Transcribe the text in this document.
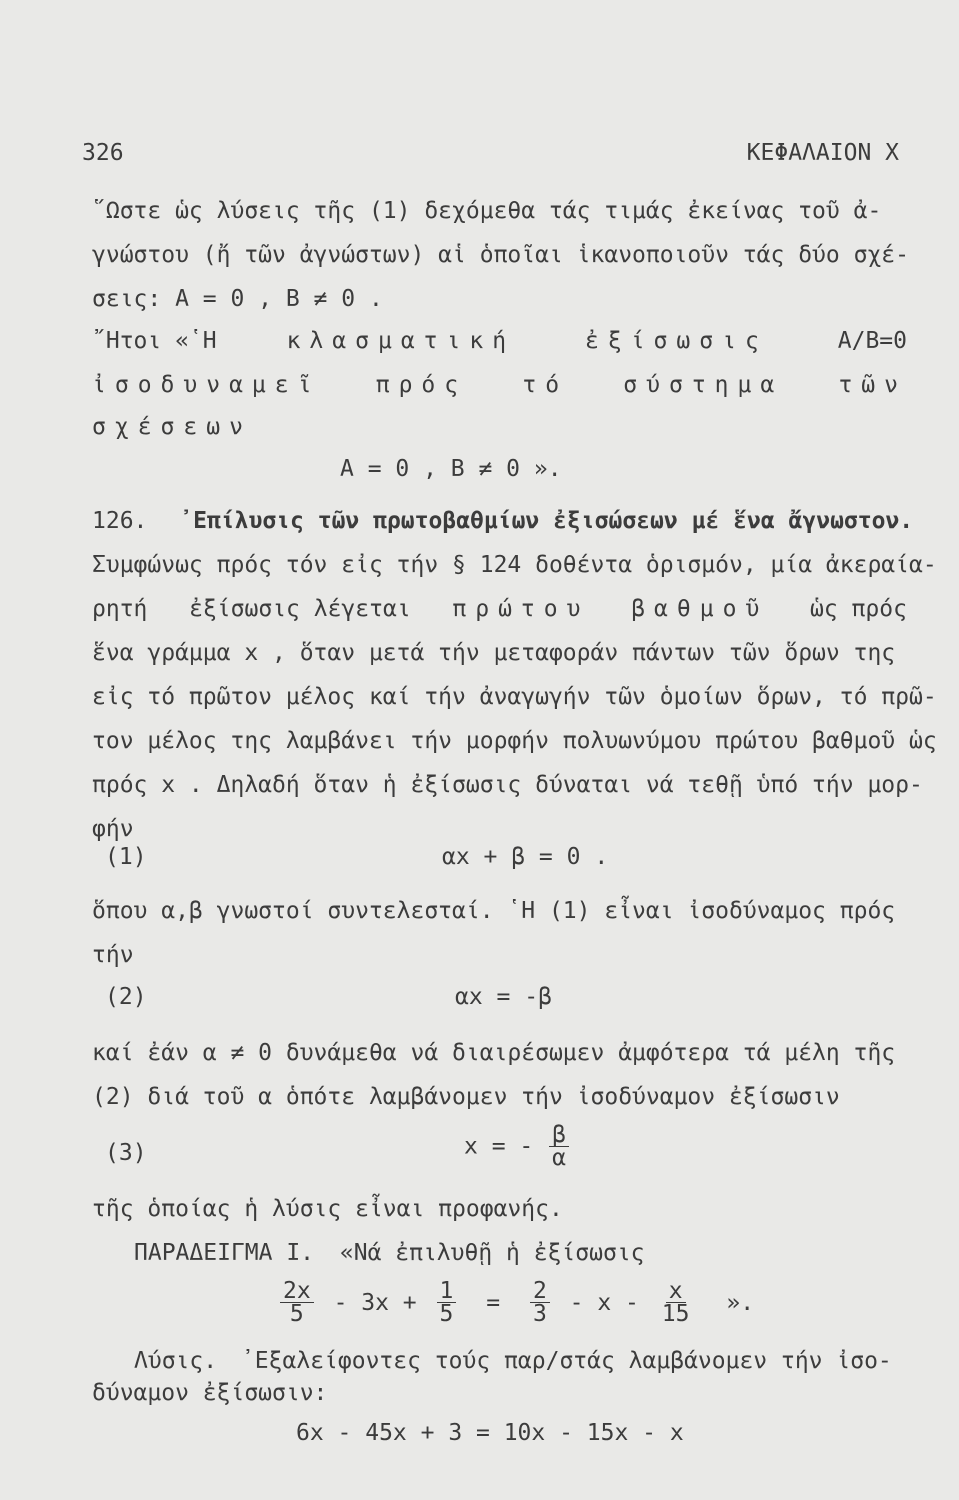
326	ΚΕΦΑΛΑΙΟΝ Χ
῞Ωστε ὡς λύσεις τῆς (1) δεχόμεθα τάς τιμάς ἐκείνας τοῦ ἀ-
γνώστου (ἤ τῶν ἀγνώστων) αἱ ὁποῖαι ἱκανοποιοῦν τάς δύο σχέ-
σεις: Α = 0 , Β ≠ 0 .
῎Ητοι «῾Η	κλασματική	ἐξίσωσις	Α/Β=0
ἰσοδυναμεῖ πρός τό σύστημα τῶν
σχέσεων
Α = 0 , Β ≠ 0 ».
126. ᾿Επίλυσις τῶν πρωτοβαθμίων ἐξισώσεων μέ ἕνα ἄγνωστον.
Συμφώνως πρός τόν εἰς τήν § 124 δοθέντα ὁρισμόν, μία ἀκεραία-
ρητή ἐξίσωσις λέγεται πρώτου βαθμοῦ ὡς πρός
ἕνα γράμμα x , ὅταν μετά τήν μεταφοράν πάντων τῶν ὅρων της
εἰς τό πρῶτον μέλος καί τήν ἀναγωγήν τῶν ὁμοίων ὅρων, τό πρῶ-
τον μέλος της λαμβάνει τήν μορφήν πολυωνύμου πρώτου βαθμοῦ ὡς
πρός x . Δηλαδή ὅταν ἡ ἐξίσωσις δύναται νά τεθῇ ὑπό τήν μορ-
φήν
(1)	αx + β = 0 .
ὅπου α,β γνωστοί συντελεσταί. ῾Η (1) εἶναι ἰσοδύναμος πρός
τήν
(2)	αx = -β
καί ἐάν α ≠ 0 δυνάμεθα νά διαιρέσωμεν ἀμφότερα τά μέλη τῆς
(2) διά τοῦ α ὁπότε λαμβάνομεν τήν ἰσοδύναμον ἐξίσωσιν
(3)	x = - $\frac{\beta}{\alpha}$
τῆς ὁποίας ἡ λύσις εἶναι προφανής.
ΠΑΡΑΔΕΙΓΜΑ Ι. «Νά ἐπιλυθῇ ἡ ἐξίσωσις
$\frac{2x}{5} - 3x + \frac{1}{5} = \frac{2}{3} - x - \frac{x}{15}$ ».
Λύσις. ᾿Εξαλείφοντες τούς παρ/στάς λαμβάνομεν τήν ἰσο-
δύναμον ἐξίσωσιν:
6x - 45x + 3 = 10x - 15x - x
